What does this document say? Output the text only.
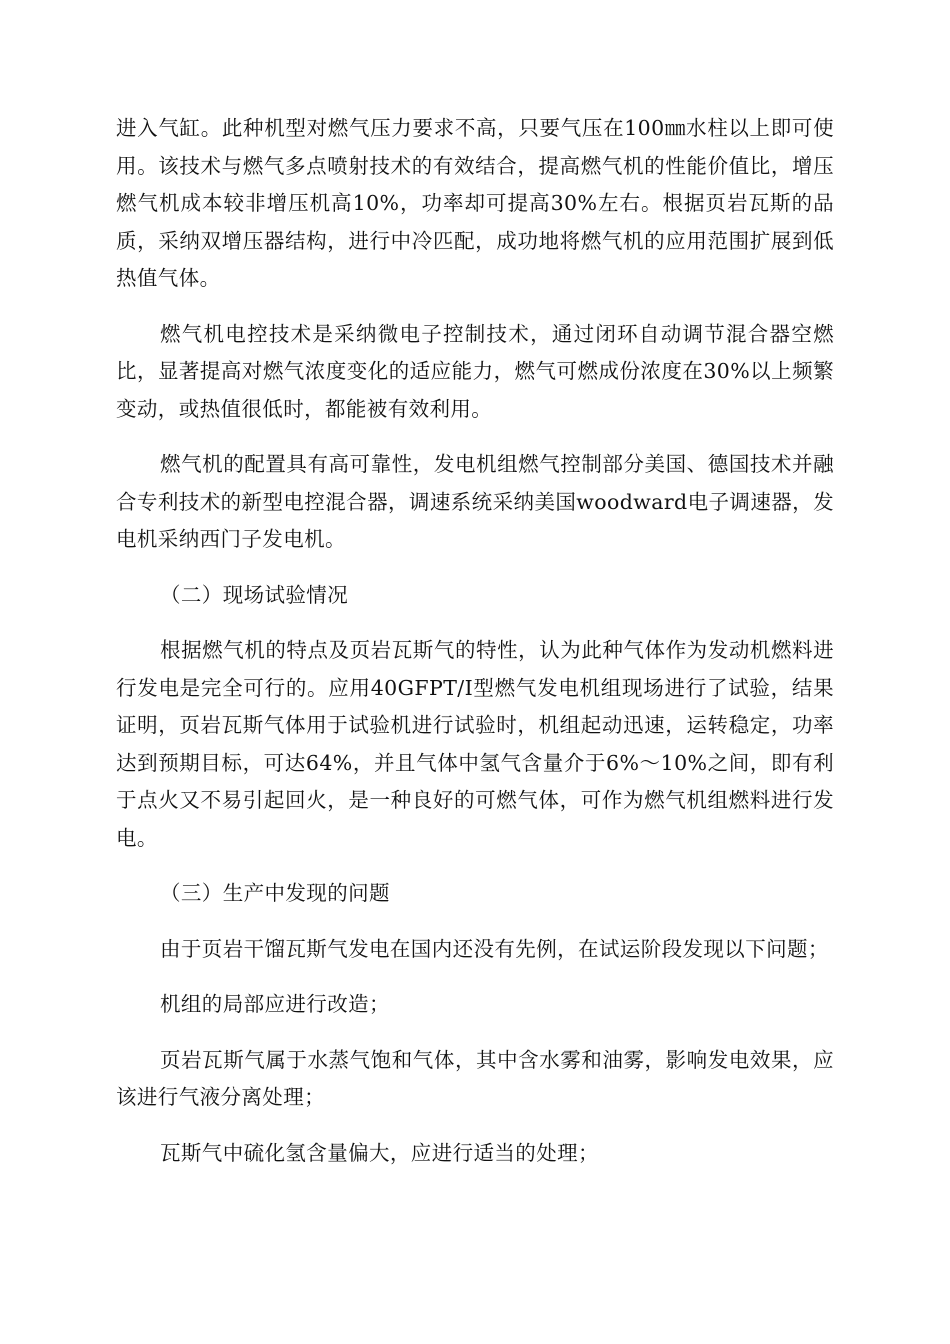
进入气缸。此种机型对燃气压力要求不高，只要气压在100㎜水柱以上即可使用。该技术与燃气多点喷射技术的有效结合，提高燃气机的性能价值比，增压燃气机成本较非增压机高10%，功率却可提高30%左右。根据页岩瓦斯的品质，采纳双增压器结构，进行中冷匹配，成功地将燃气机的应用范围扩展到低热值气体。

燃气机电控技术是采纳微电子控制技术，通过闭环自动调节混合器空燃比，显著提高对燃气浓度变化的适应能力，燃气可燃成份浓度在30%以上频繁变动，或热值很低时，都能被有效利用。

燃气机的配置具有高可靠性，发电机组燃气控制部分美国、德国技术并融合专利技术的新型电控混合器，调速系统采纳美国woodward电子调速器，发电机采纳西门子发电机。

（二）现场试验情况

根据燃气机的特点及页岩瓦斯气的特性，认为此种气体作为发动机燃料进行发电是完全可行的。应用40GFPT/I型燃气发电机组现场进行了试验，结果证明，页岩瓦斯气体用于试验机进行试验时，机组起动迅速，运转稳定，功率达到预期目标，可达64%，并且气体中氢气含量介于6%～10%之间，即有利于点火又不易引起回火，是一种良好的可燃气体，可作为燃气机组燃料进行发电。

（三）生产中发现的问题

由于页岩干馏瓦斯气发电在国内还没有先例，在试运阶段发现以下问题；

机组的局部应进行改造；

页岩瓦斯气属于水蒸气饱和气体，其中含水雾和油雾，影响发电效果，应该进行气液分离处理；

瓦斯气中硫化氢含量偏大，应进行适当的处理；
